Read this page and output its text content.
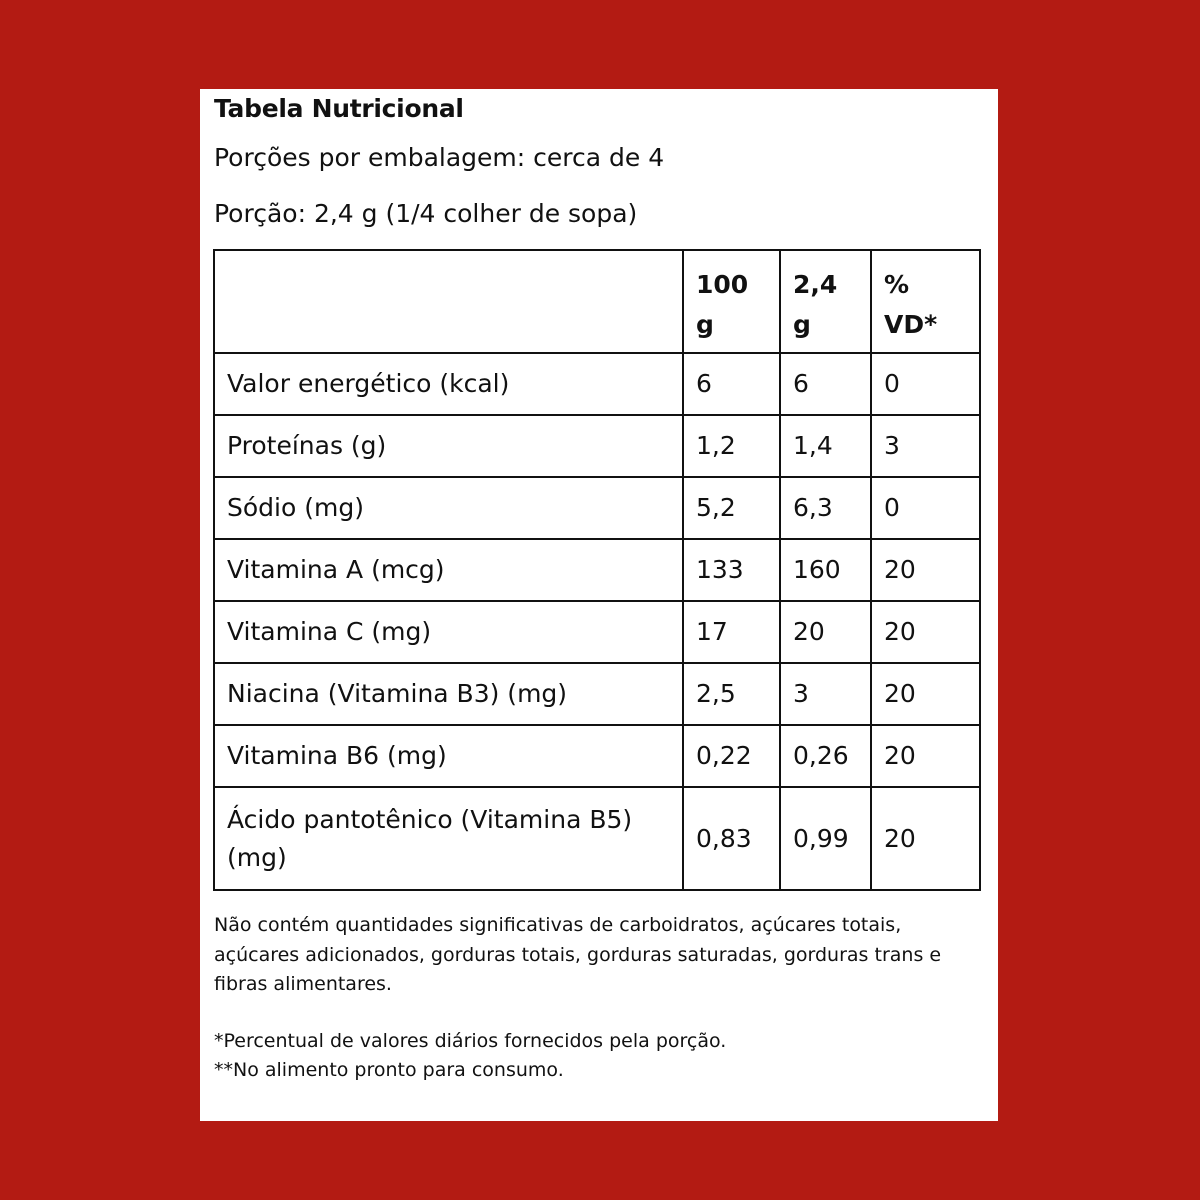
Tabela Nutricional
Porções por embalagem: cerca de 4
Porção: 2,4 g (1/4 colher de sopa)
	100 g	2,4 g	% VD*
Valor energético (kcal)	6	6	0
Proteínas (g)	1,2	1,4	3
Sódio (mg)	5,2	6,3	0
Vitamina A (mcg)	133	160	20
Vitamina C (mg)	17	20	20
Niacina (Vitamina B3) (mg)	2,5	3	20
Vitamina B6 (mg)	0,22	0,26	20
Ácido pantotênico (Vitamina B5) (mg)	0,83	0,99	20

Não contém quantidades significativas de carboidratos, açúcares totais, açúcares adicionados, gorduras totais, gorduras saturadas, gorduras trans e fibras alimentares.

*Percentual de valores diários fornecidos pela porção.

**No alimento pronto para consumo.
